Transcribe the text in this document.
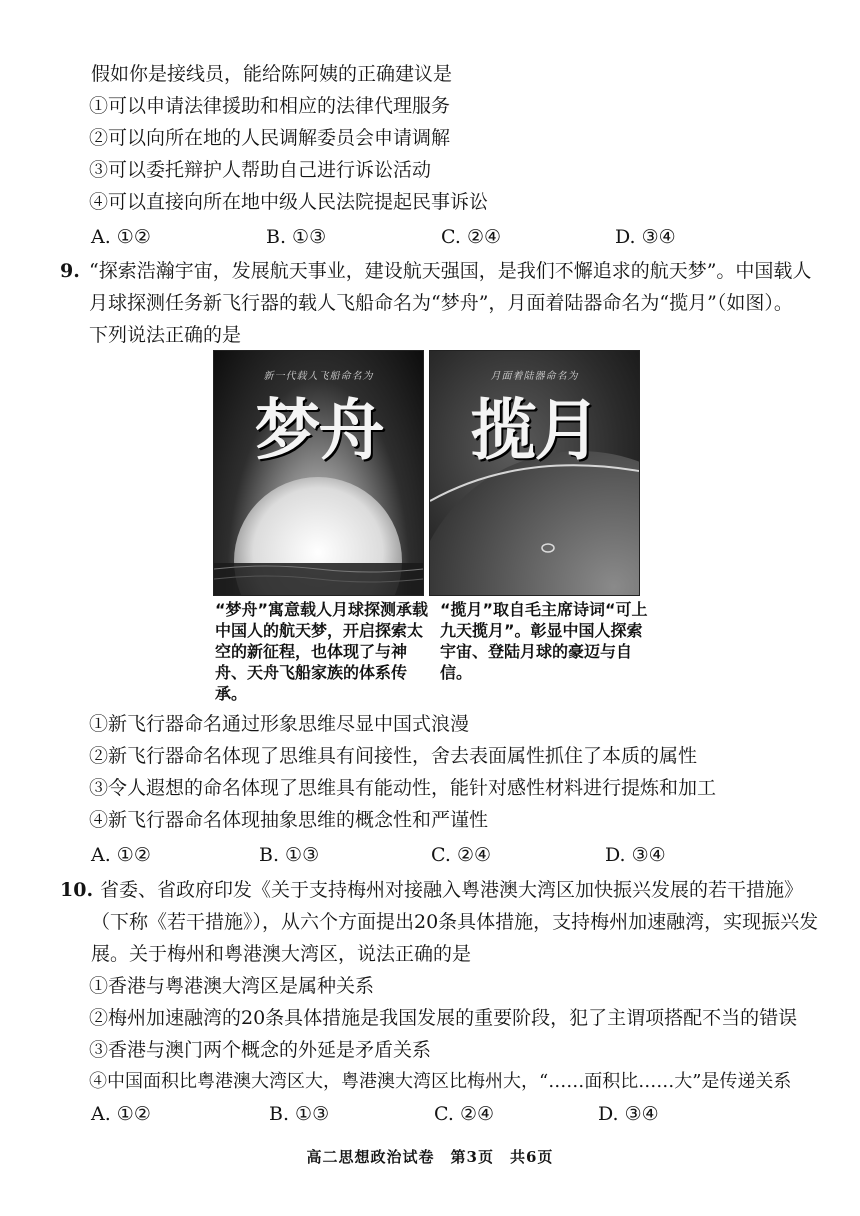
假如你是接线员，能给陈阿姨的正确建议是
①可以申请法律援助和相应的法律代理服务
②可以向所在地的人民调解委员会申请调解
③可以委托辩护人帮助自己进行诉讼活动
④可以直接向所在地中级人民法院提起民事诉讼
A. ①②	B. ①③	C. ②④	D. ③④
9. “探索浩瀚宇宙，发展航天事业，建设航天强国，是我们不懈追求的航天梦”。中国载人
月球探测任务新飞行器的载人飞船命名为“梦舟”，月面着陆器命名为“揽月”（如图）。
下列说法正确的是
新一代载人飞船命名为
梦舟
月面着陆器命名为
揽月
“梦舟”寓意载人月球探测承载中国人的航天梦，开启探索太空的新征程，也体现了与神舟、天舟飞船家族的体系传承。
“揽月”取自毛主席诗词“可上九天揽月”。彰显中国人探索宇宙、登陆月球的豪迈与自信。
①新飞行器命名通过形象思维尽显中国式浪漫
②新飞行器命名体现了思维具有间接性，舍去表面属性抓住了本质的属性
③令人遐想的命名体现了思维具有能动性，能针对感性材料进行提炼和加工
④新飞行器命名体现抽象思维的概念性和严谨性
A. ①②	B. ①③	C. ②④	D. ③④
10. 省委、省政府印发《关于支持梅州对接融入粤港澳大湾区加快振兴发展的若干措施》
（下称《若干措施》），从六个方面提出20条具体措施，支持梅州加速融湾，实现振兴发
展。关于梅州和粤港澳大湾区，说法正确的是
①香港与粤港澳大湾区是属种关系
②梅州加速融湾的20条具体措施是我国发展的重要阶段，犯了主谓项搭配不当的错误
③香港与澳门两个概念的外延是矛盾关系
④中国面积比粤港澳大湾区大，粤港澳大湾区比梅州大，“……面积比……大”是传递关系
A. ①②	B. ①③	C. ②④	D. ③④
高二思想政治试卷　第3页　共6页
